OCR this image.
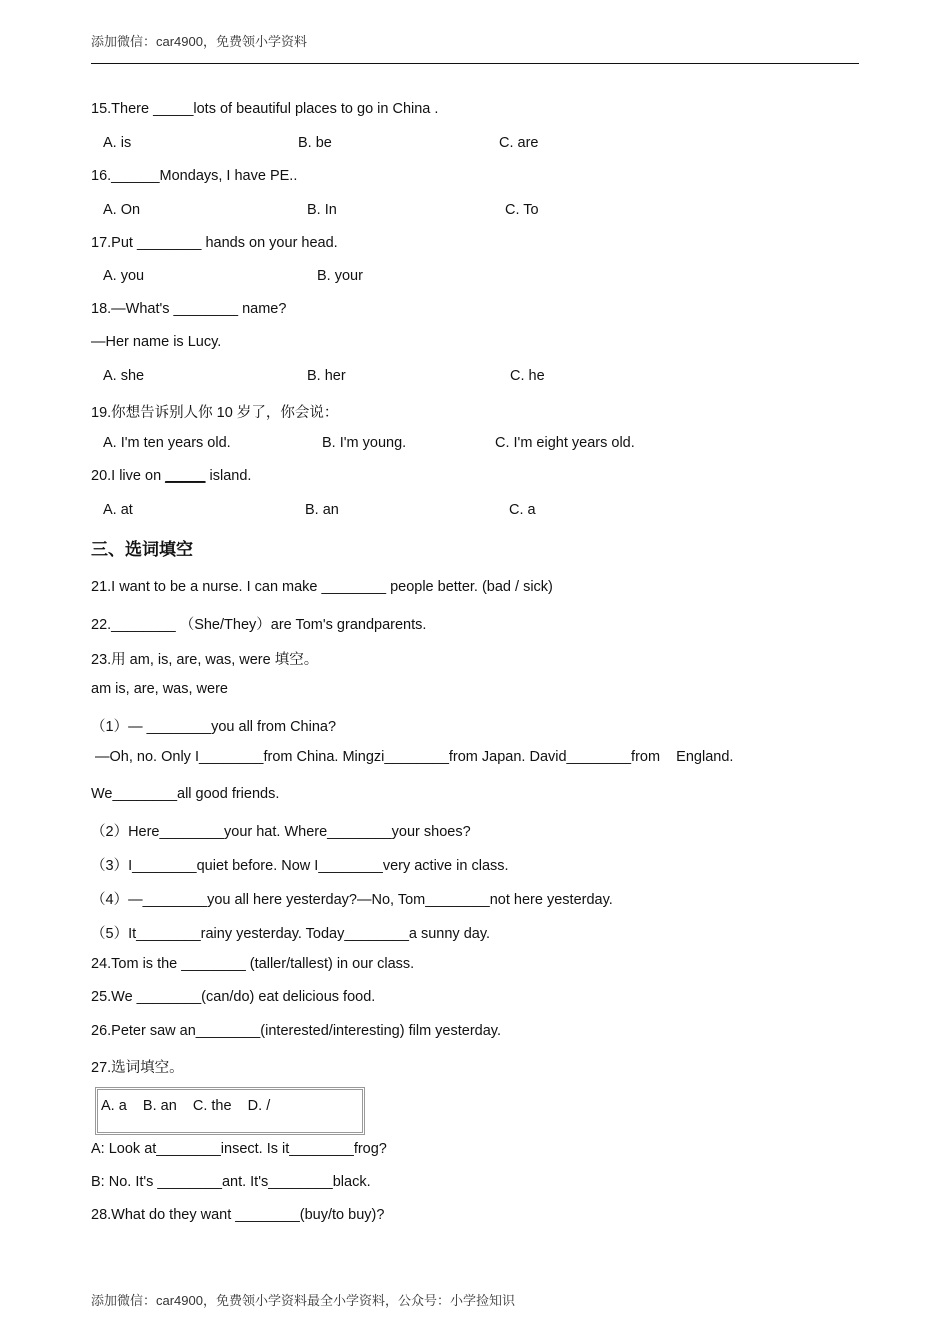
添加微信：car4900，免费领小学资料
15.There _____lots of beautiful places to go in China .
A. is	B. be	C. are
16.______Mondays, I have PE..
A. On	B. In	C. To
17.Put ________ hands on your head.
A. you	B. your
18.—What's ________ name?
—Her name is Lucy.
A. she	B. her	C. he
19.你想告诉别人你 10 岁了，你会说：
A. I'm ten years old.	B. I'm young.	C. I'm eight years old.
20.I live on _____ island.
A. at	B. an	C. a
三、选词填空
21.I want to be a nurse. I can make ________ people better. (bad / sick)
22.________ （She/They）are Tom's grandparents.
23.用 am, is, are, was, were 填空。
am is, are, was, were
（1）— ________you all from China?
—Oh, no. Only I________from China. Mingzi________from Japan. David________from    England.
We________all good friends.
（2）Here________your hat. Where________your shoes?
（3）I________quiet before. Now I________very active in class.
（4）—________you all here yesterday?—No, Tom________not here yesterday.
（5）It________rainy yesterday. Today________a sunny day.
24.Tom is the ________ (taller/tallest) in our class.
25.We ________(can/do) eat delicious food.
26.Peter saw an________(interested/interesting) film yesterday.
27.选词填空。
A. a    B. an    C. the    D. /
A: Look at________insect. Is it________frog?
B: No. It's ________ant. It's________black.
28.What do they want ________(buy/to buy)?
添加微信：car4900，免费领小学资料最全小学资料，公众号：小学捡知识
